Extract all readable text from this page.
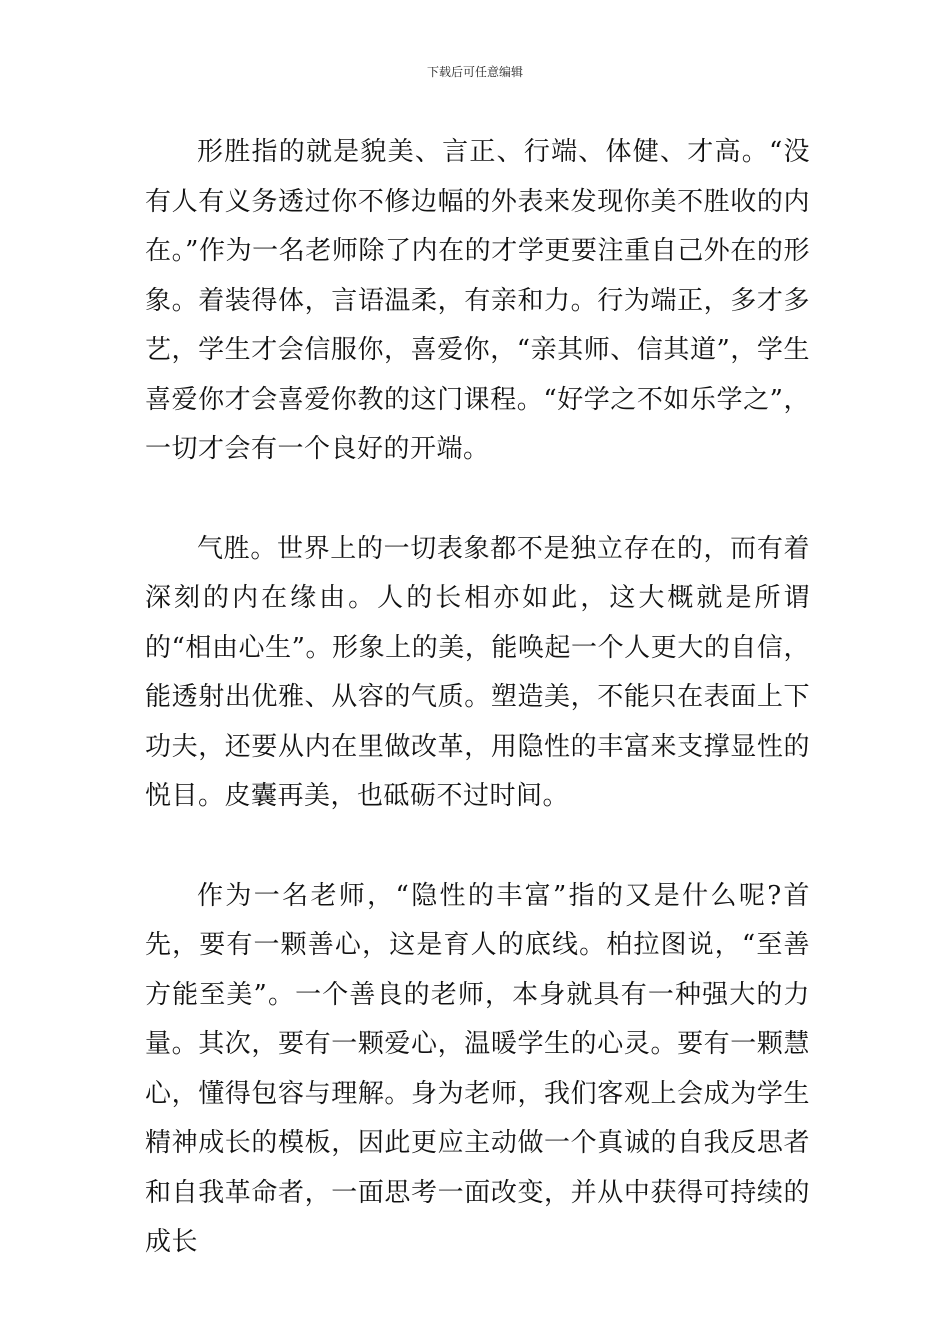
下载后可任意编辑

形胜指的就是貌美、言正、行端、体健、才高。“没有人有义务透过你不修边幅的外表来发现你美不胜收的内在。”作为一名老师除了内在的才学更要注重自己外在的形象。着装得体，言语温柔，有亲和力。行为端正，多才多艺，学生才会信服你，喜爱你，“亲其师、信其道”，学生喜爱你才会喜爱你教的这门课程。“好学之不如乐学之”，一切才会有一个良好的开端。

气胜。世界上的一切表象都不是独立存在的，而有着深刻的内在缘由。人的长相亦如此，这大概就是所谓的“相由心生”。形象上的美，能唤起一个人更大的自信，能透射出优雅、从容的气质。塑造美，不能只在表面上下功夫，还要从内在里做改革，用隐性的丰富来支撑显性的悦目。皮囊再美，也砥砺不过时间。

作为一名老师，“隐性的丰富”指的又是什么呢?首先，要有一颗善心，这是育人的底线。柏拉图说，“至善方能至美”。一个善良的老师，本身就具有一种强大的力量。其次，要有一颗爱心，温暖学生的心灵。要有一颗慧心，懂得包容与理解。身为老师，我们客观上会成为学生精神成长的模板，因此更应主动做一个真诚的自我反思者和自我革命者，一面思考一面改变，并从中获得可持续的成长
